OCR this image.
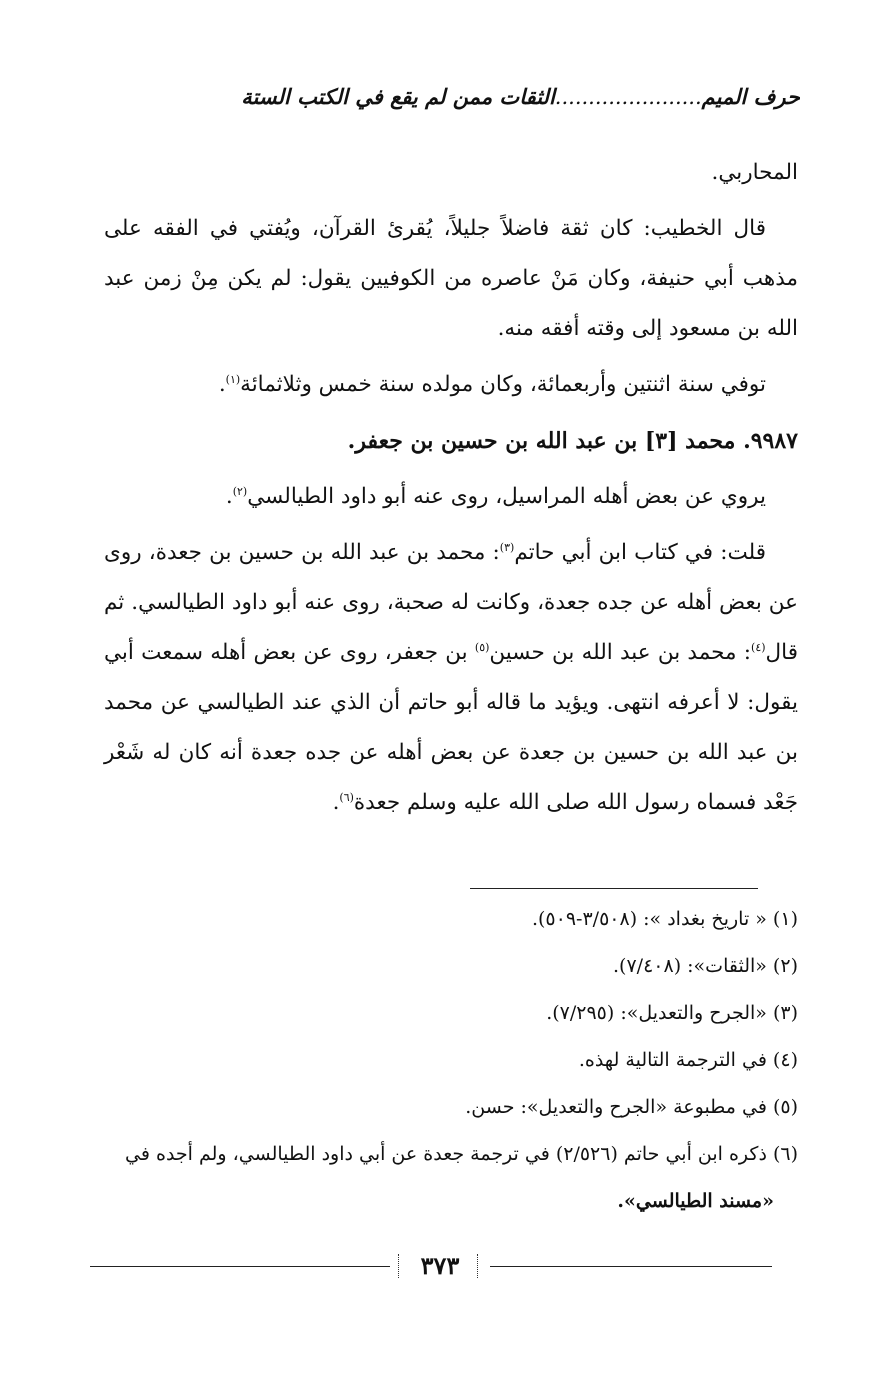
حرف الميم......................الثقات ممن لم يقع في الكتب الستة

المحاربي.

قال الخطيب: كان ثقة فاضلاً جليلاً، يُقرئ القرآن، ويُفتي في الفقه على مذهب أبي حنيفة، وكان مَنْ عاصره من الكوفيين يقول: لم يكن مِنْ زمن عبد الله بن مسعود إلى وقته أفقه منه.

توفي سنة اثنتين وأربعمائة، وكان مولده سنة خمس وثلاثمائة$^{(١)}$.

٩٩٨٧. محمد [٣] بن عبد الله بن حسين بن جعفر.

يروي عن بعض أهله المراسيل، روى عنه أبو داود الطيالسي$^{(٢)}$.

قلت: في كتاب ابن أبي حاتم$^{(٣)}$: محمد بن عبد الله بن حسين بن جعدة، روى عن بعض أهله عن جده جعدة، وكانت له صحبة، روى عنه أبو داود الطيالسي. ثم قال$^{(٤)}$: محمد بن عبد الله بن حسين$^{(٥)}$ بن جعفر، روى عن بعض أهله سمعت أبي يقول: لا أعرفه انتهى. ويؤيد ما قاله أبو حاتم أن الذي عند الطيالسي عن محمد بن عبد الله بن حسين بن جعدة عن بعض أهله عن جده جعدة أنه كان له شَعْر جَعْد فسماه رسول الله صلى الله عليه وسلم جعدة$^{(٦)}$.

(١) « تاريخ بغداد »: (٣/٥٠٨-٥٠٩).
(٢) «الثقات»: (٧/٤٠٨).
(٣) «الجرح والتعديل»: (٧/٢٩٥).
(٤) في الترجمة التالية لهذه.
(٥) في مطبوعة «الجرح والتعديل»: حسن.
(٦) ذكره ابن أبي حاتم (٢/٥٢٦) في ترجمة جعدة عن أبي داود الطيالسي، ولم أجده في
«مسند الطيالسي».
٣٧٣
